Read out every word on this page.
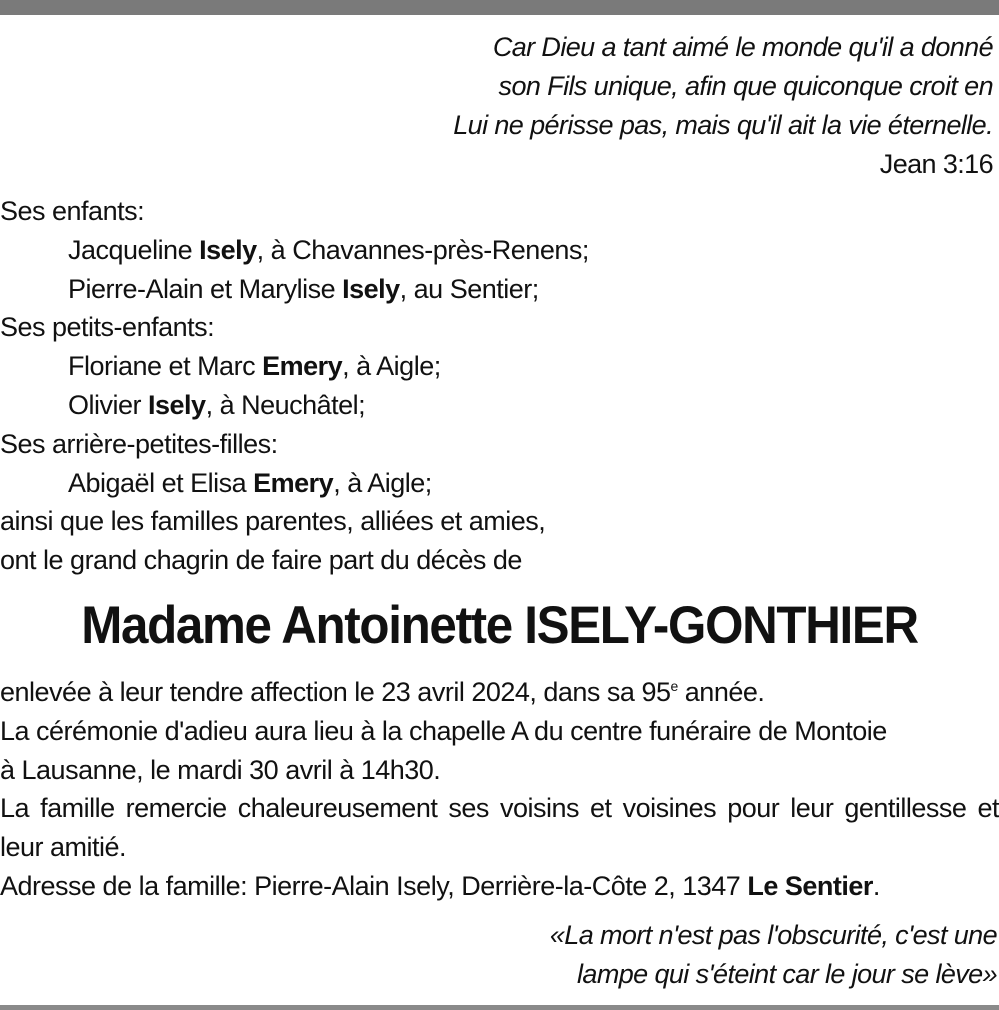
Car Dieu a tant aimé le monde qu'il a donné
son Fils unique, afin que quiconque croit en
Lui ne périsse pas, mais qu'il ait la vie éternelle.
Jean 3:16
Ses enfants:
Jacqueline Isely, à Chavannes-près-Renens;
Pierre-Alain et Marylise Isely, au Sentier;
Ses petits-enfants:
Floriane et Marc Emery, à Aigle;
Olivier Isely, à Neuchâtel;
Ses arrière-petites-filles:
Abigaël et Elisa Emery, à Aigle;
ainsi que les familles parentes, alliées et amies,
ont le grand chagrin de faire part du décès de
Madame Antoinette ISELY-GONTHIER

enlevée à leur tendre affection le 23 avril 2024, dans sa 95e année.

La cérémonie d'adieu aura lieu à la chapelle A du centre funéraire de Montoie

à Lausanne, le mardi 30 avril à 14h30.

La famille remercie chaleureusement ses voisins et voisines pour leur gentillesse et leur amitié.

Adresse de la famille: Pierre-Alain Isely, Derrière-la-Côte 2, 1347 Le Sentier.

«La mort n'est pas l'obscurité, c'est une
lampe qui s'éteint car le jour se lève»
